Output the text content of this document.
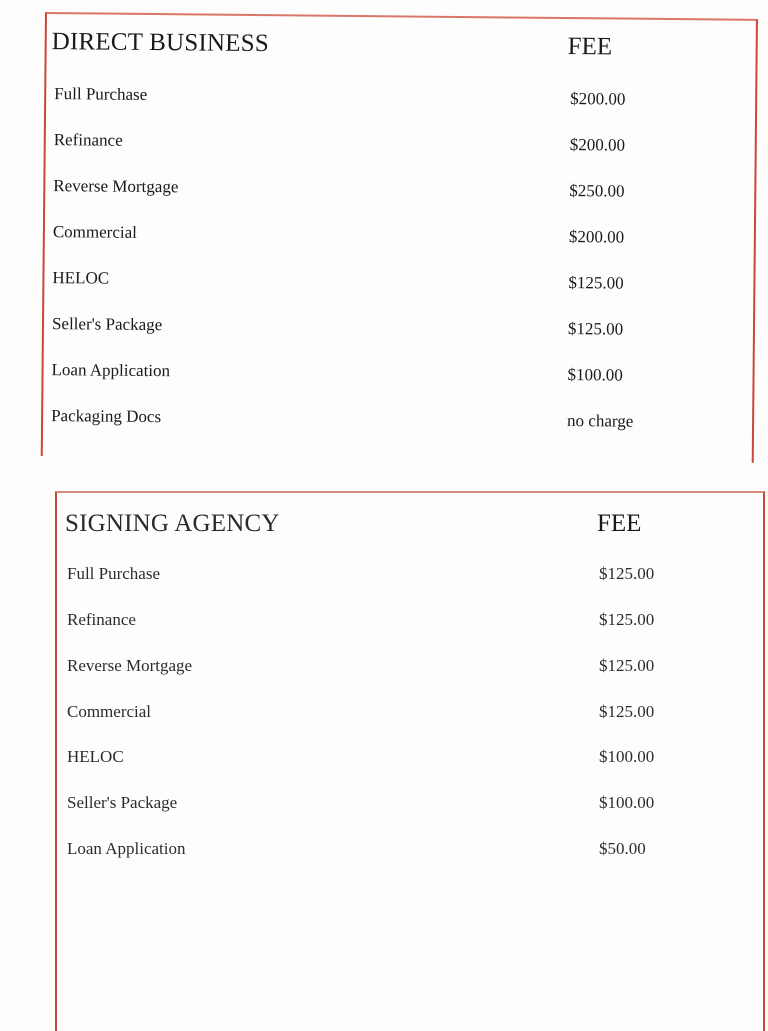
DIRECT BUSINESS	FEE
Full Purchase	$200.00
Refinance	$200.00
Reverse Mortgage	$250.00
Commercial	$200.00
HELOC	$125.00
Seller's Package	$125.00
Loan Application	$100.00
Packaging Docs	no charge
SIGNING AGENCY	FEE
Full Purchase	$125.00
Refinance	$125.00
Reverse Mortgage	$125.00
Commercial	$125.00
HELOC	$100.00
Seller's Package	$100.00
Loan Application	$50.00
